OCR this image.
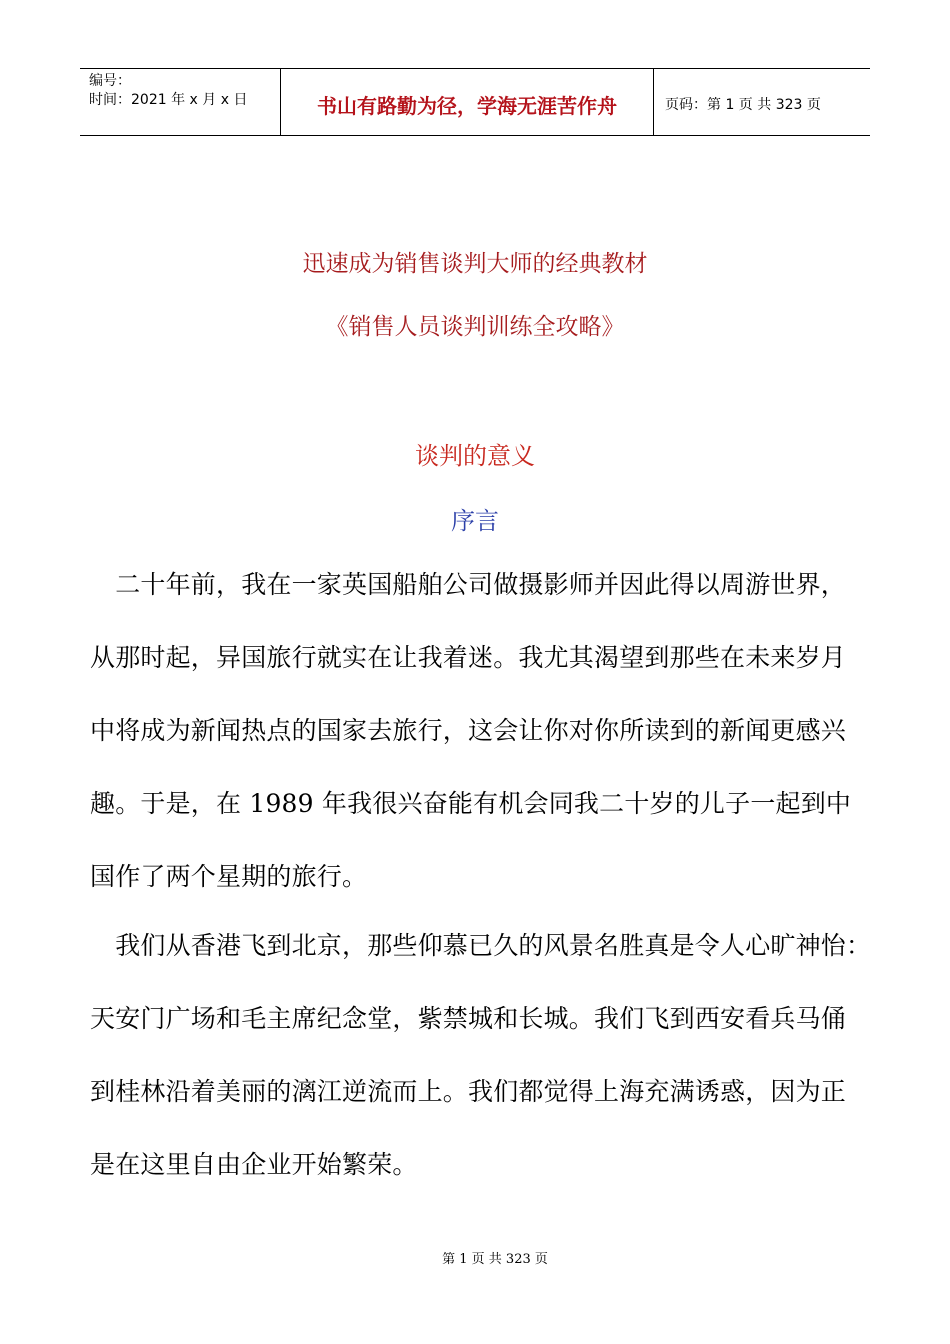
编号：
时间：2021 年 x 月 x 日	书山有路勤为径，学海无涯苦作舟	页码：第 1 页 共 323 页
迅速成为销售谈判大师的经典教材
《销售人员谈判训练全攻略》
谈判的意义
序言
　二十年前，我在一家英国船舶公司做摄影师并因此得以周游世界，
从那时起，异国旅行就实在让我着迷。我尤其渴望到那些在未来岁月
中将成为新闻热点的国家去旅行，这会让你对你所读到的新闻更感兴
趣。于是，在 1989 年我很兴奋能有机会同我二十岁的儿子一起到中
国作了两个星期的旅行。
　我们从香港飞到北京，那些仰慕已久的风景名胜真是令人心旷神怡：
天安门广场和毛主席纪念堂，紫禁城和长城。我们飞到西安看兵马俑
到桂林沿着美丽的漓江逆流而上。我们都觉得上海充满诱惑，因为正
是在这里自由企业开始繁荣。
第 1 页 共 323 页
